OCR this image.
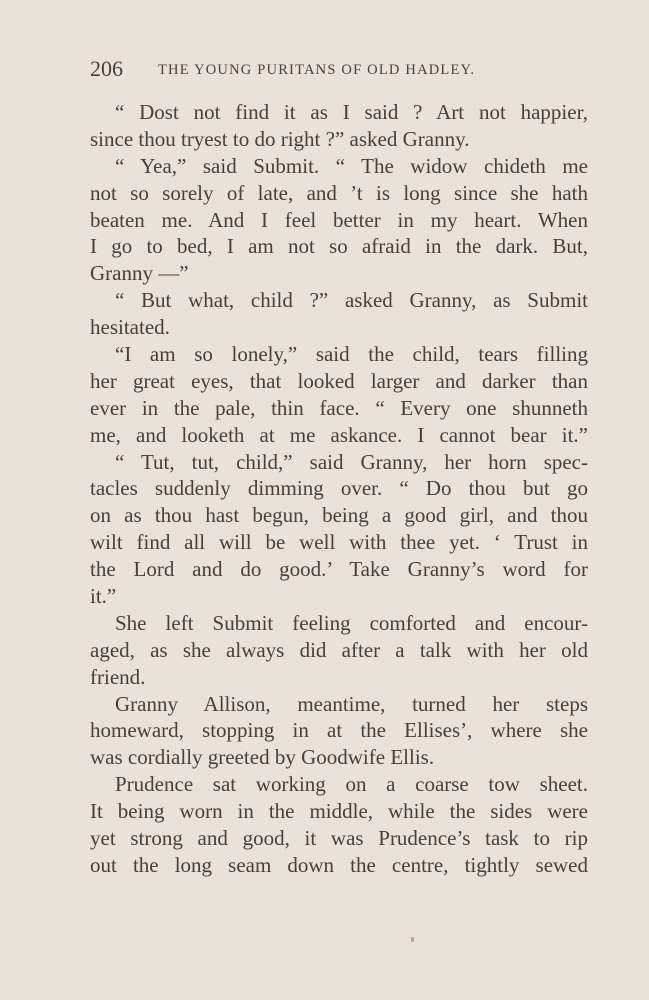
206 THE YOUNG PURITANS OF OLD HADLEY.
“ Dost not find it as I said ? Art not happier,
since thou tryest to do right ?” asked Granny.
“ Yea,” said Submit. “ The widow chideth me
not so sorely of late, and ’t is long since she hath
beaten me. And I feel better in my heart. When
I go to bed, I am not so afraid in the dark. But,
Granny —”
“ But what, child ?” asked Granny, as Submit
hesitated.
“I am so lonely,” said the child, tears filling
her great eyes, that looked larger and darker than
ever in the pale, thin face. “ Every one shunneth
me, and looketh at me askance. I cannot bear it.”
“ Tut, tut, child,” said Granny, her horn spec-
tacles suddenly dimming over. “ Do thou but go
on as thou hast begun, being a good girl, and thou
wilt find all will be well with thee yet. ‘ Trust in
the Lord and do good.’ Take Granny’s word for
it.”
She left Submit feeling comforted and encour-
aged, as she always did after a talk with her old
friend.
Granny Allison, meantime, turned her steps
homeward, stopping in at the Ellises’, where she
was cordially greeted by Goodwife Ellis.
Prudence sat working on a coarse tow sheet.
It being worn in the middle, while the sides were
yet strong and good, it was Prudence’s task to rip
out the long seam down the centre, tightly sewed
